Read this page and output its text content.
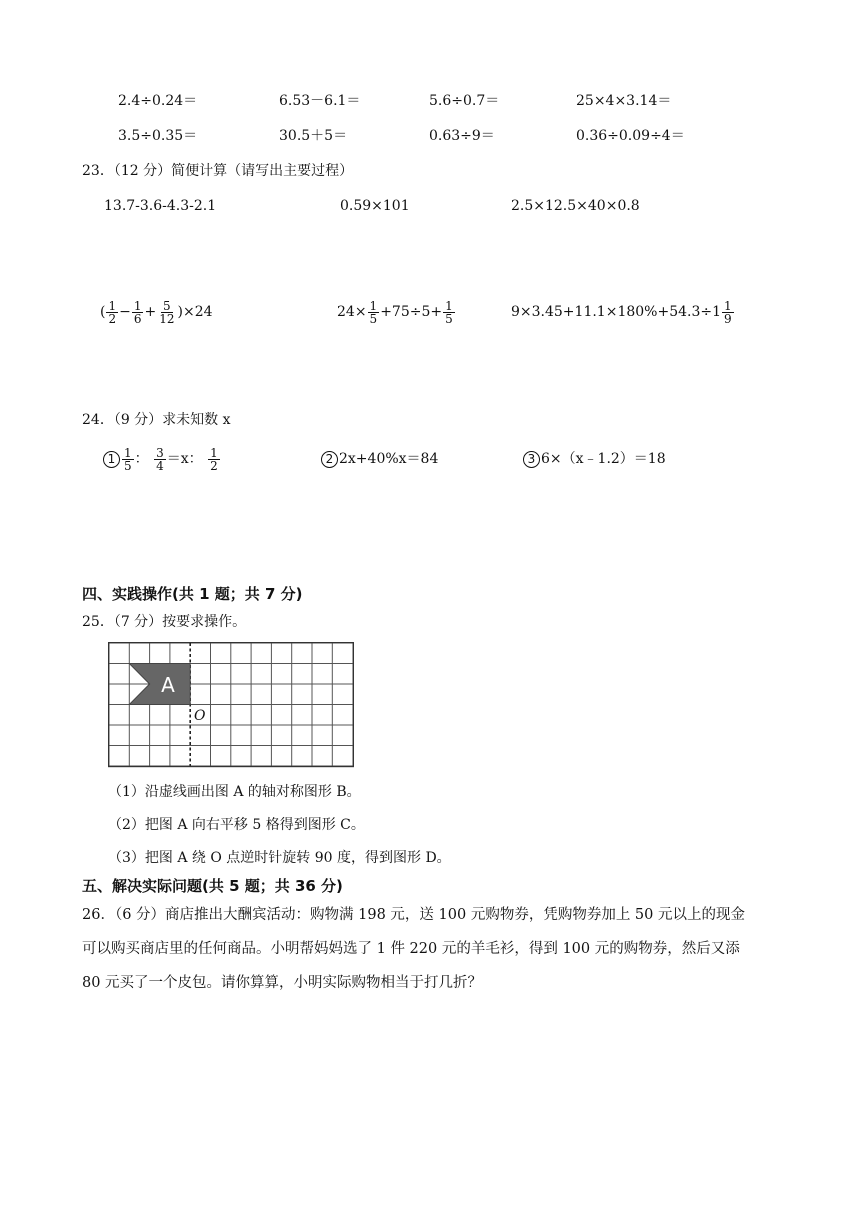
2.4÷0.24＝	6.53－6.1＝	5.6÷0.7＝	25×4×3.14＝
3.5÷0.35＝	30.5＋5＝	0.63÷9＝	0.36÷0.09÷4＝
23．（12 分）简便计算（请写出主要过程）
13.7-3.6-4.3-2.1	0.59×101	2.5×12.5×40×0.8
( $\frac{1}{2} - \frac{1}{6} + \frac{5}{12} )\times 24$	$24\times \frac{1}{5} +75\div 5+ \frac{1}{5}$	$9\times 3.45+11.1\times 180\%+54.3\div 1 \frac{1}{9}$
24．（9 分）求未知数 x
$1 \frac{1}{5}$ ： $\frac{3}{4} =x$： $\frac{1}{2}$	2 2x+40%x＝84	3 6×（x﹣1.2）＝18
四、实践操作(共 1 题；共 7 分)
25．（7 分）按要求操作。
A
O
（1）沿虚线画出图 A 的轴对称图形 B。
（2）把图 A 向右平移 5 格得到图形 C。
（3）把图 A 绕 O 点逆时针旋转 90 度，得到图形 D。
五、解决实际问题(共 5 题；共 36 分)
26．（6 分）商店推出大酬宾活动：购物满 198 元，送 100 元购物券，凭购物券加上 50 元以上的现金
可以购买商店里的任何商品。小明帮妈妈选了 1 件 220 元的羊毛衫，得到 100 元的购物券，然后又添
80 元买了一个皮包。请你算算，小明实际购物相当于打几折？
